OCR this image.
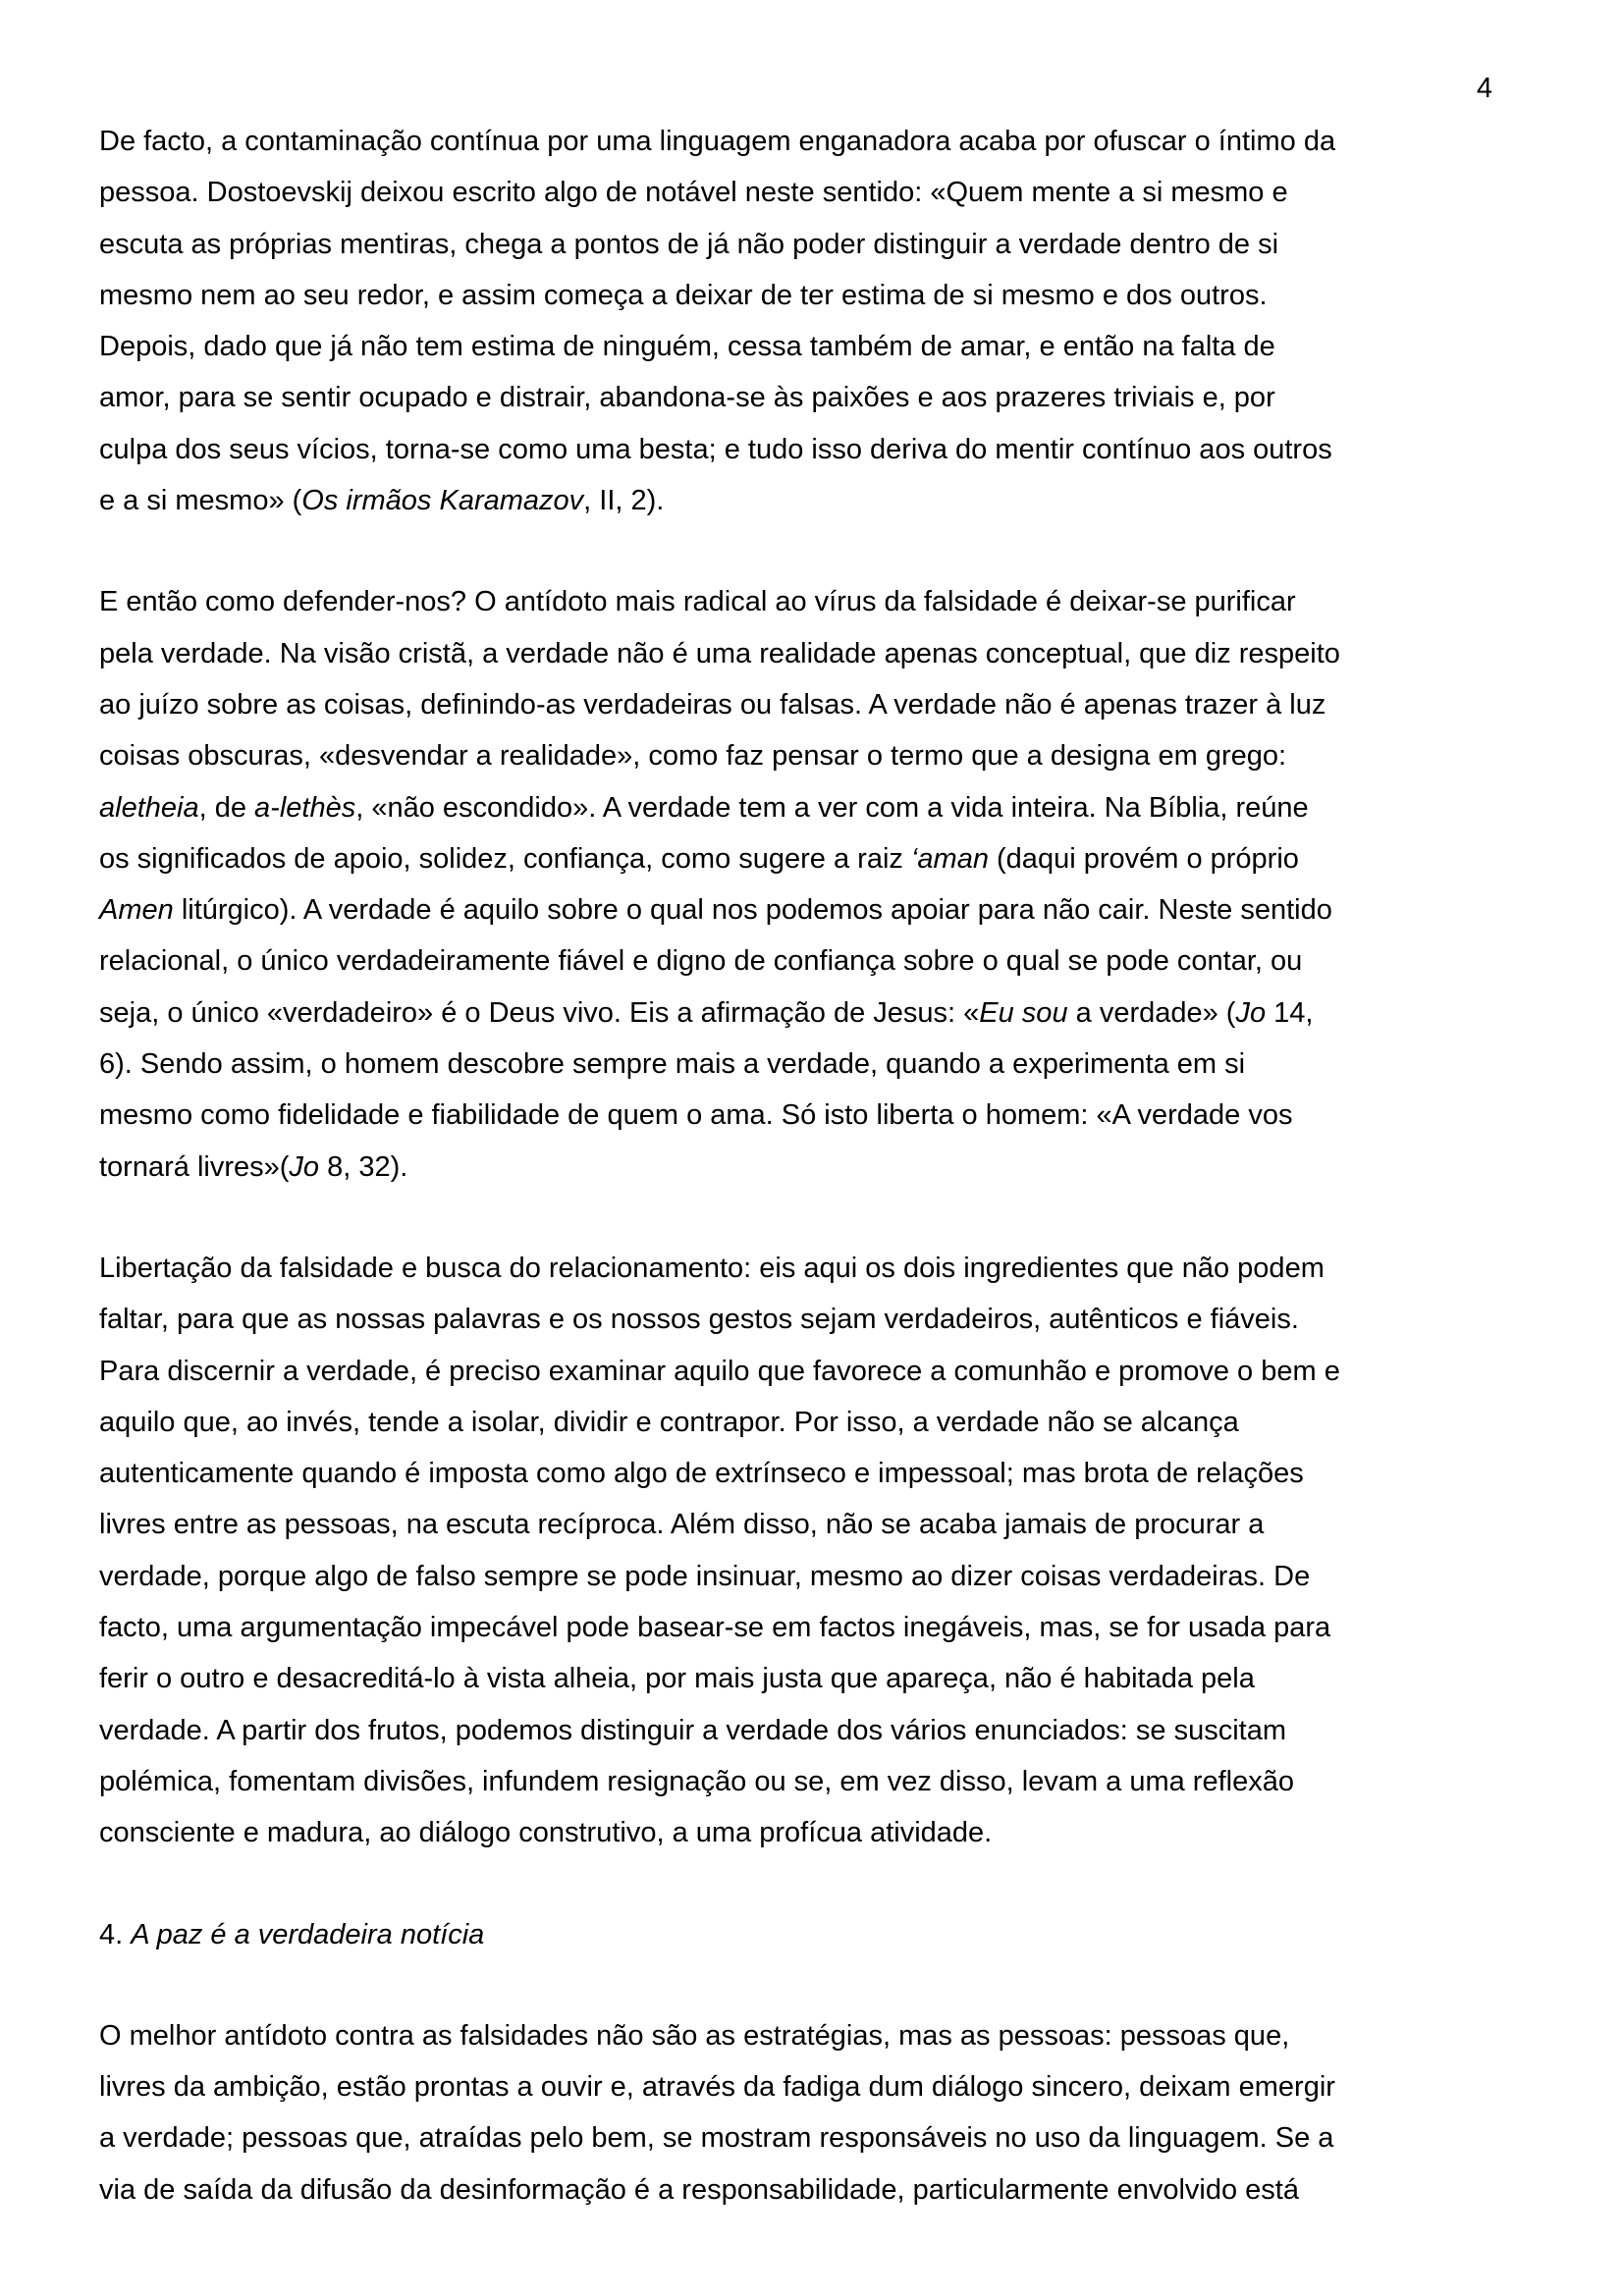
4
De facto, a contaminação contínua por uma linguagem enganadora acaba por ofuscar o íntimo da
pessoa. Dostoevskij deixou escrito algo de notável neste sentido: «Quem mente a si mesmo e
escuta as próprias mentiras, chega a pontos de já não poder distinguir a verdade dentro de si
mesmo nem ao seu redor, e assim começa a deixar de ter estima de si mesmo e dos outros.
Depois, dado que já não tem estima de ninguém, cessa também de amar, e então na falta de
amor, para se sentir ocupado e distrair, abandona-se às paixões e aos prazeres triviais e, por
culpa dos seus vícios, torna-se como uma besta; e tudo isso deriva do mentir contínuo aos outros
e a si mesmo» (Os irmãos Karamazov, II, 2).
E então como defender-nos? O antídoto mais radical ao vírus da falsidade é deixar-se purificar
pela verdade. Na visão cristã, a verdade não é uma realidade apenas conceptual, que diz respeito
ao juízo sobre as coisas, definindo-as verdadeiras ou falsas. A verdade não é apenas trazer à luz
coisas obscuras, «desvendar a realidade», como faz pensar o termo que a designa em grego:
aletheia, de a-lethès, «não escondido». A verdade tem a ver com a vida inteira. Na Bíblia, reúne
os significados de apoio, solidez, confiança, como sugere a raiz ‘aman (daqui provém o próprio
Amen litúrgico). A verdade é aquilo sobre o qual nos podemos apoiar para não cair. Neste sentido
relacional, o único verdadeiramente fiável e digno de confiança sobre o qual se pode contar, ou
seja, o único «verdadeiro» é o Deus vivo. Eis a afirmação de Jesus: «Eu sou a verdade» (Jo 14,
6). Sendo assim, o homem descobre sempre mais a verdade, quando a experimenta em si
mesmo como fidelidade e fiabilidade de quem o ama. Só isto liberta o homem: «A verdade vos
tornará livres»(Jo 8, 32).
Libertação da falsidade e busca do relacionamento: eis aqui os dois ingredientes que não podem
faltar, para que as nossas palavras e os nossos gestos sejam verdadeiros, autênticos e fiáveis.
Para discernir a verdade, é preciso examinar aquilo que favorece a comunhão e promove o bem e
aquilo que, ao invés, tende a isolar, dividir e contrapor. Por isso, a verdade não se alcança
autenticamente quando é imposta como algo de extrínseco e impessoal; mas brota de relações
livres entre as pessoas, na escuta recíproca. Além disso, não se acaba jamais de procurar a
verdade, porque algo de falso sempre se pode insinuar, mesmo ao dizer coisas verdadeiras. De
facto, uma argumentação impecável pode basear-se em factos inegáveis, mas, se for usada para
ferir o outro e desacreditá-lo à vista alheia, por mais justa que apareça, não é habitada pela
verdade. A partir dos frutos, podemos distinguir a verdade dos vários enunciados: se suscitam
polémica, fomentam divisões, infundem resignação ou se, em vez disso, levam a uma reflexão
consciente e madura, ao diálogo construtivo, a uma profícua atividade.
4. A paz é a verdadeira notícia
O melhor antídoto contra as falsidades não são as estratégias, mas as pessoas: pessoas que,
livres da ambição, estão prontas a ouvir e, através da fadiga dum diálogo sincero, deixam emergir
a verdade; pessoas que, atraídas pelo bem, se mostram responsáveis no uso da linguagem. Se a
via de saída da difusão da desinformação é a responsabilidade, particularmente envolvido está
